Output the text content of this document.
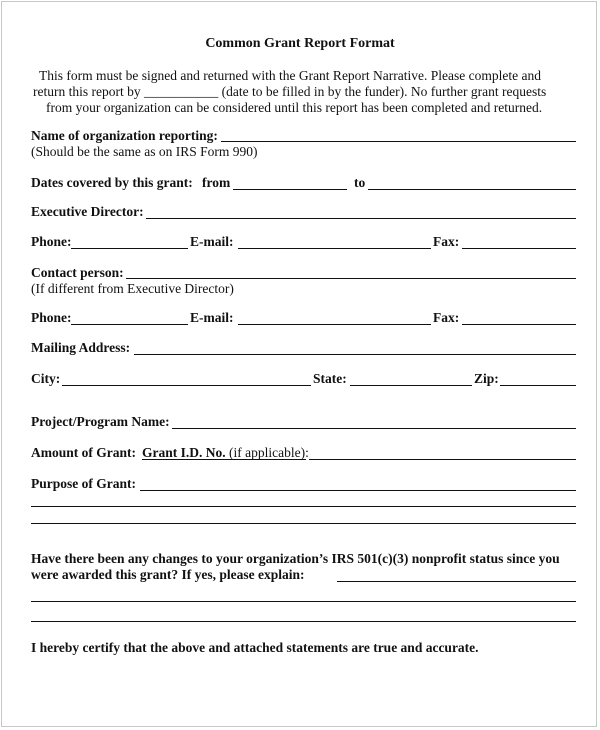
Common Grant Report Format
This form must be signed and returned with the Grant Report Narrative. Please complete and
return this report by ___________ (date to be filled in by the funder). No further grant requests
from your organization can be considered until this report has been completed and returned.
Name of organization reporting:
(Should be the same as on IRS Form 990)
Dates covered by this grant: from	to
Executive Director:
Phone:	E-mail:	Fax:
Contact person:
(If different from Executive Director)
Phone:	E-mail:	Fax:
Mailing Address:
City:	State:	Zip:
Project/Program Name:
Amount of Grant: Grant I.D. No. (if applicable):
Purpose of Grant:
Have there been any changes to your organization’s IRS 501(c)(3) nonprofit status since you
were awarded this grant? If yes, please explain:
I hereby certify that the above and attached statements are true and accurate.
